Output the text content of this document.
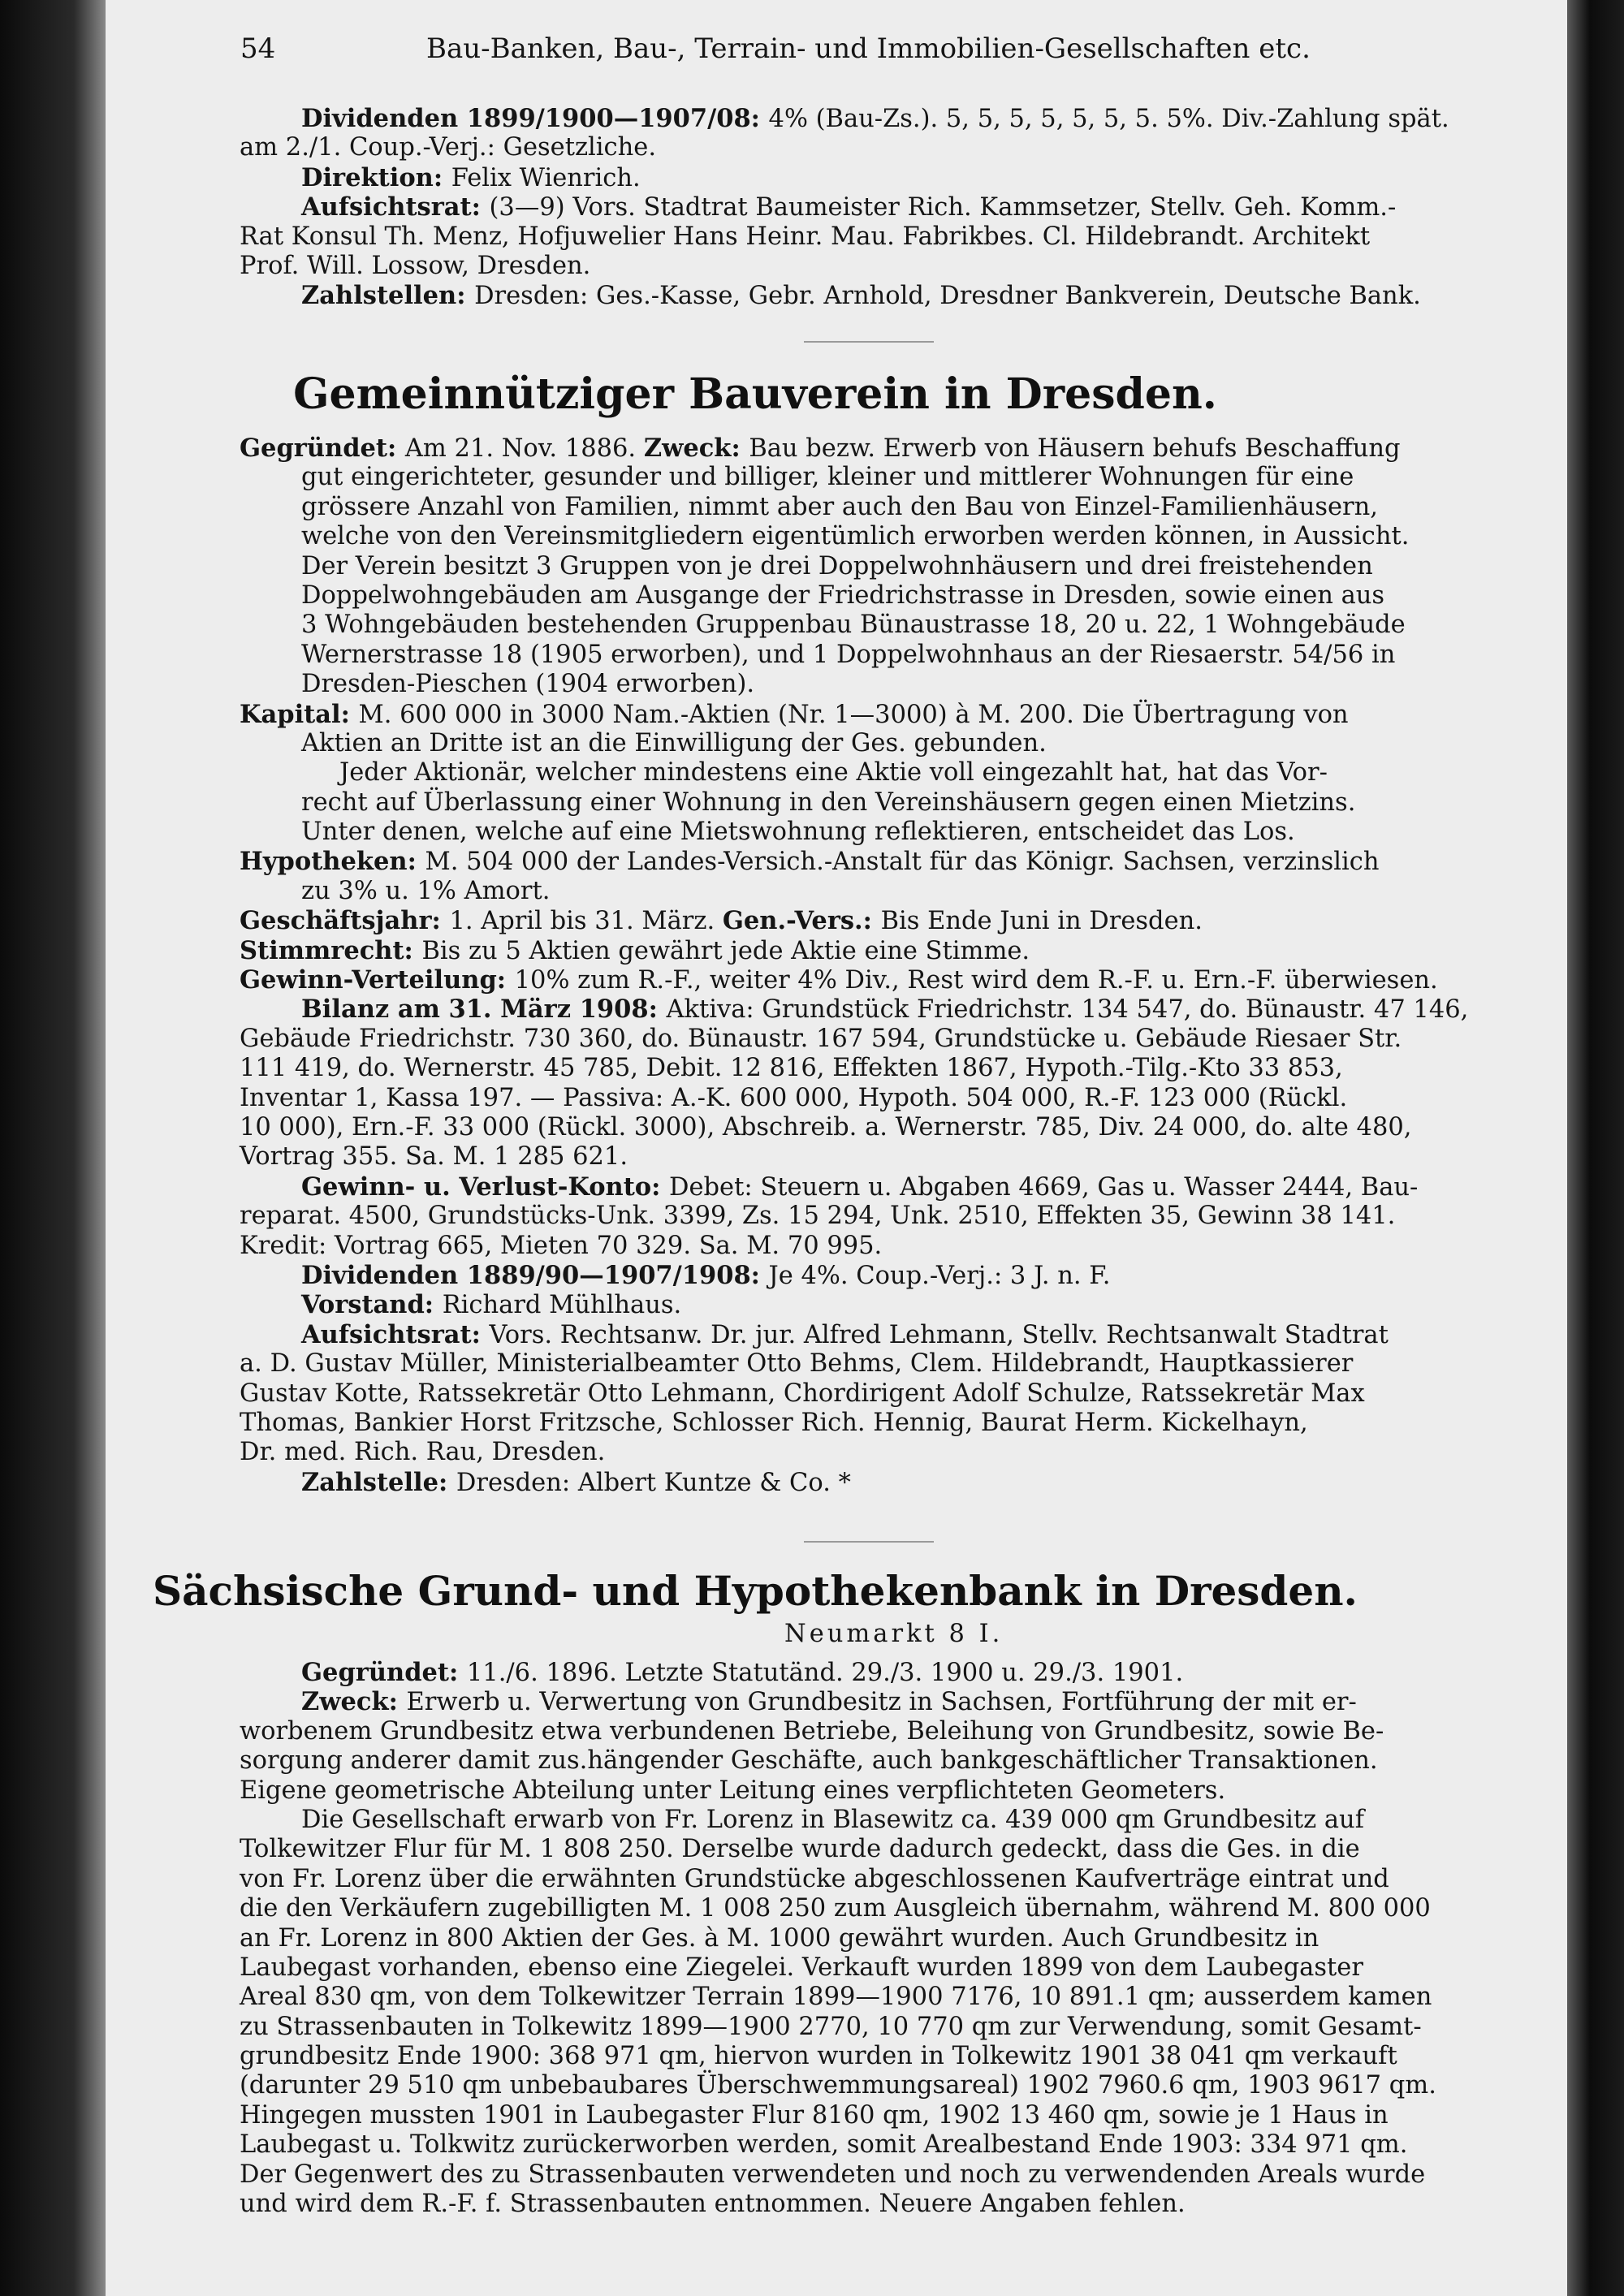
54	Bau-Banken, Bau-, Terrain- und Immobilien-Gesellschaften etc.
Dividenden 1899/1900—1907/08: 4% (Bau-Zs.). 5, 5, 5, 5, 5, 5, 5. 5%. Div.-Zahlung spät.
am 2./1. Coup.-Verj.: Gesetzliche.
Direktion: Felix Wienrich.
Aufsichtsrat: (3—9) Vors. Stadtrat Baumeister Rich. Kammsetzer, Stellv. Geh. Komm.-
Rat Konsul Th. Menz, Hofjuwelier Hans Heinr. Mau. Fabrikbes. Cl. Hildebrandt. Architekt
Prof. Will. Lossow, Dresden.
Zahlstellen: Dresden: Ges.-Kasse, Gebr. Arnhold, Dresdner Bankverein, Deutsche Bank.
Gemeinnütziger Bauverein in Dresden.
Gegründet: Am 21. Nov. 1886. Zweck: Bau bezw. Erwerb von Häusern behufs Beschaffung
gut eingerichteter, gesunder und billiger, kleiner und mittlerer Wohnungen für eine
grössere Anzahl von Familien, nimmt aber auch den Bau von Einzel-Familienhäusern,
welche von den Vereinsmitgliedern eigentümlich erworben werden können, in Aussicht.
Der Verein besitzt 3 Gruppen von je drei Doppelwohnhäusern und drei freistehenden
Doppelwohngebäuden am Ausgange der Friedrichstrasse in Dresden, sowie einen aus
3 Wohngebäuden bestehenden Gruppenbau Bünaustrasse 18, 20 u. 22, 1 Wohngebäude
Wernerstrasse 18 (1905 erworben), und 1 Doppelwohnhaus an der Riesaerstr. 54/56 in
Dresden-Pieschen (1904 erworben).
Kapital: M. 600 000 in 3000 Nam.-Aktien (Nr. 1—3000) à M. 200. Die Übertragung von
Aktien an Dritte ist an die Einwilligung der Ges. gebunden.
Jeder Aktionär, welcher mindestens eine Aktie voll eingezahlt hat, hat das Vor-
recht auf Überlassung einer Wohnung in den Vereinshäusern gegen einen Mietzins.
Unter denen, welche auf eine Mietswohnung reflektieren, entscheidet das Los.
Hypotheken: M. 504 000 der Landes-Versich.-Anstalt für das Königr. Sachsen, verzinslich
zu 3% u. 1% Amort.
Geschäftsjahr: 1. April bis 31. März. Gen.-Vers.: Bis Ende Juni in Dresden.
Stimmrecht: Bis zu 5 Aktien gewährt jede Aktie eine Stimme.
Gewinn-Verteilung: 10% zum R.-F., weiter 4% Div., Rest wird dem R.-F. u. Ern.-F. überwiesen.
Bilanz am 31. März 1908: Aktiva: Grundstück Friedrichstr. 134 547, do. Bünaustr. 47 146,
Gebäude Friedrichstr. 730 360, do. Bünaustr. 167 594, Grundstücke u. Gebäude Riesaer Str.
111 419, do. Wernerstr. 45 785, Debit. 12 816, Effekten 1867, Hypoth.-Tilg.-Kto 33 853,
Inventar 1, Kassa 197. — Passiva: A.-K. 600 000, Hypoth. 504 000, R.-F. 123 000 (Rückl.
10 000), Ern.-F. 33 000 (Rückl. 3000), Abschreib. a. Wernerstr. 785, Div. 24 000, do. alte 480,
Vortrag 355. Sa. M. 1 285 621.
Gewinn- u. Verlust-Konto: Debet: Steuern u. Abgaben 4669, Gas u. Wasser 2444, Bau-
reparat. 4500, Grundstücks-Unk. 3399, Zs. 15 294, Unk. 2510, Effekten 35, Gewinn 38 141.
Kredit: Vortrag 665, Mieten 70 329. Sa. M. 70 995.
Dividenden 1889/90—1907/1908: Je 4%. Coup.-Verj.: 3 J. n. F.
Vorstand: Richard Mühlhaus.
Aufsichtsrat: Vors. Rechtsanw. Dr. jur. Alfred Lehmann, Stellv. Rechtsanwalt Stadtrat
a. D. Gustav Müller, Ministerialbeamter Otto Behms, Clem. Hildebrandt, Hauptkassierer
Gustav Kotte, Ratssekretär Otto Lehmann, Chordirigent Adolf Schulze, Ratssekretär Max
Thomas, Bankier Horst Fritzsche, Schlosser Rich. Hennig, Baurat Herm. Kickelhayn,
Dr. med. Rich. Rau, Dresden.
Zahlstelle: Dresden: Albert Kuntze & Co. *
Sächsische Grund- und Hypothekenbank in Dresden.
Neumarkt 8 I.
Gegründet: 11./6. 1896. Letzte Statutänd. 29./3. 1900 u. 29./3. 1901.
Zweck: Erwerb u. Verwertung von Grundbesitz in Sachsen, Fortführung der mit er-
worbenem Grundbesitz etwa verbundenen Betriebe, Beleihung von Grundbesitz, sowie Be-
sorgung anderer damit zus.hängender Geschäfte, auch bankgeschäftlicher Transaktionen.
Eigene geometrische Abteilung unter Leitung eines verpflichteten Geometers.
Die Gesellschaft erwarb von Fr. Lorenz in Blasewitz ca. 439 000 qm Grundbesitz auf
Tolkewitzer Flur für M. 1 808 250. Derselbe wurde dadurch gedeckt, dass die Ges. in die
von Fr. Lorenz über die erwähnten Grundstücke abgeschlossenen Kaufverträge eintrat und
die den Verkäufern zugebilligten M. 1 008 250 zum Ausgleich übernahm, während M. 800 000
an Fr. Lorenz in 800 Aktien der Ges. à M. 1000 gewährt wurden. Auch Grundbesitz in
Laubegast vorhanden, ebenso eine Ziegelei. Verkauft wurden 1899 von dem Laubegaster
Areal 830 qm, von dem Tolkewitzer Terrain 1899—1900 7176, 10 891.1 qm; ausserdem kamen
zu Strassenbauten in Tolkewitz 1899—1900 2770, 10 770 qm zur Verwendung, somit Gesamt-
grundbesitz Ende 1900: 368 971 qm, hiervon wurden in Tolkewitz 1901 38 041 qm verkauft
(darunter 29 510 qm unbebaubares Überschwemmungsareal) 1902 7960.6 qm, 1903 9617 qm.
Hingegen mussten 1901 in Laubegaster Flur 8160 qm, 1902 13 460 qm, sowie je 1 Haus in
Laubegast u. Tolkwitz zurückerworben werden, somit Arealbestand Ende 1903: 334 971 qm.
Der Gegenwert des zu Strassenbauten verwendeten und noch zu verwendenden Areals wurde
und wird dem R.-F. f. Strassenbauten entnommen. Neuere Angaben fehlen.
